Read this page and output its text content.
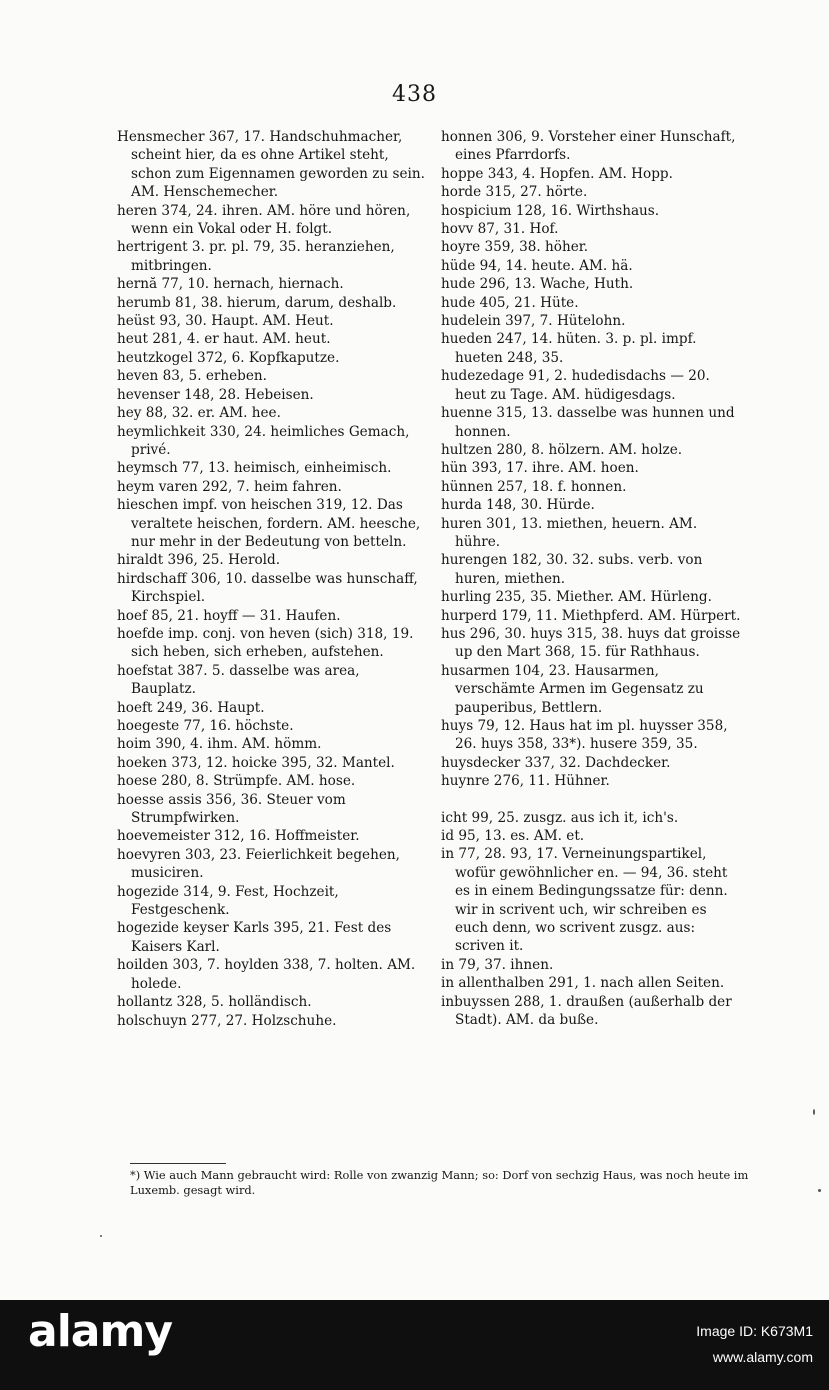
438

Hensmecher 367, 17. Handschuhmacher, scheint hier, da es ohne Artikel steht, schon zum Eigennamen geworden zu sein. AM. Henschemecher.

heren 374, 24. ihren. AM. höre und hören, wenn ein Vokal oder H. folgt.

hertrigent 3. pr. pl. 79, 35. heranziehen, mitbringen.

hernă 77, 10. hernach, hiernach.

herumb 81, 38. hierum, darum, deshalb.

heüst 93, 30. Haupt. AM. Heut.

heut 281, 4. er haut. AM. heut.

heutzkogel 372, 6. Kopfkaputze.

heven 83, 5. erheben.

hevenser 148, 28. Hebeisen.

hey 88, 32. er. AM. hee.

heymlichkeit 330, 24. heimliches Gemach, privé.

heymsch 77, 13. heimisch, einheimisch.

heym varen 292, 7. heim fahren.

hieschen impf. von heischen 319, 12. Das veraltete heischen, fordern. AM. heesche, nur mehr in der Bedeutung von betteln.

hiraldt 396, 25. Herold.

hirdschaff 306, 10. dasselbe was hunschaff, Kirchspiel.

hoef 85, 21. hoyff — 31. Haufen.

hoefde imp. conj. von heven (sich) 318, 19. sich heben, sich erheben, aufstehen.

hoefstat 387. 5. dasselbe was area, Bauplatz.

hoeft 249, 36. Haupt.

hoegeste 77, 16. höchste.

hoim 390, 4. ihm. AM. hömm.

hoeken 373, 12. hoicke 395, 32. Mantel.

hoese 280, 8. Strümpfe. AM. hose.

hoesse assis 356, 36. Steuer vom Strumpfwirken.

hoevemeister 312, 16. Hoffmeister.

hoevyren 303, 23. Feierlichkeit begehen, musiciren.

hogezide 314, 9. Fest, Hochzeit, Festgeschenk.

hogezide keyser Karls 395, 21. Fest des Kaisers Karl.

hoilden 303, 7. hoylden 338, 7. holten. AM. holede.

hollantz 328, 5. holländisch.

holschuyn 277, 27. Holzschuhe.

honnen 306, 9. Vorsteher einer Hunschaft, eines Pfarrdorfs.

hoppe 343, 4. Hopfen. AM. Hopp.

horde 315, 27. hörte.

hospicium 128, 16. Wirthshaus.

hovv 87, 31. Hof.

hoyre 359, 38. höher.

hüde 94, 14. heute. AM. hä.

hude 296, 13. Wache, Huth.

hude 405, 21. Hüte.

hudelein 397, 7. Hütelohn.

hueden 247, 14. hüten. 3. p. pl. impf. hueten 248, 35.

hudezedage 91, 2. hudedisdachs — 20. heut zu Tage. AM. hüdigesdags.

huenne 315, 13. dasselbe was hunnen und honnen.

hultzen 280, 8. hölzern. AM. holze.

hün 393, 17. ihre. AM. hoen.

hünnen 257, 18. f. honnen.

hurda 148, 30. Hürde.

huren 301, 13. miethen, heuern. AM. hühre.

hurengen 182, 30. 32. subs. verb. von huren, miethen.

hurling 235, 35. Miether. AM. Hürleng.

hurperd 179, 11. Miethpferd. AM. Hürpert.

hus 296, 30. huys 315, 38. huys dat groisse up den Mart 368, 15. für Rathhaus.

husarmen 104, 23. Hausarmen, verschämte Armen im Gegensatz zu pauperibus, Bettlern.

huys 79, 12. Haus hat im pl. huysser 358, 26. huys 358, 33*). husere 359, 35.

huysdecker 337, 32. Dachdecker.

huynre 276, 11. Hühner.

icht 99, 25. zusgz. aus ich it, ich's.

id 95, 13. es. AM. et.

in 77, 28. 93, 17. Verneinungspartikel, wofür gewöhnlicher en. — 94, 36. steht es in einem Bedingungssatze für: denn. wir in scrivent uch, wir schreiben es euch denn, wo scrivent zusgz. aus: scriven it.

in 79, 37. ihnen.

in allenthalben 291, 1. nach allen Seiten.

inbuyssen 288, 1. draußen (außerhalb der Stadt). AM. da buße.

*) Wie auch Mann gebraucht wird: Rolle von zwanzig Mann; so: Dorf von sechzig Haus, was noch heute im Luxemb. gesagt wird.
alamy	Image ID: K673M1
www.alamy.com
